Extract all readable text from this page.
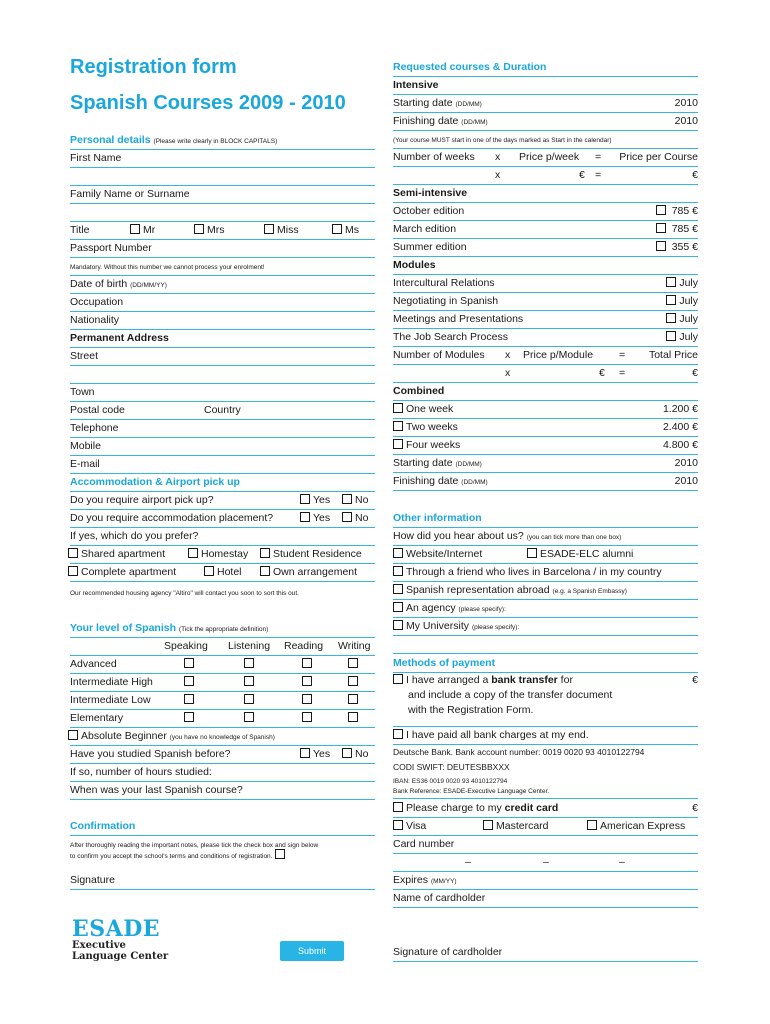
Registration form
Spanish Courses 2009 - 2010
Personal details (Please write clearly in BLOCK CAPITALS)
First Name
Family Name or Surname
Title	Mr	Mrs	Miss	Ms
Passport Number
Mandatory. Without this number we cannot process your enrolment!
Date of birth (DD/MM/YY)
Occupation
Nationality
Permanent Address
Street
Town
Postal code	Country
Telephone
Mobile
E-mail
Accommodation & Airport pick up
Do you require airport pick up?	Yes	No
Do you require accommodation placement?	Yes	No
If yes, which do you prefer?
Shared apartment	Homestay	Student Residence
Complete apartment	Hotel	Own arrangement
Our recommended housing agency "Altiro" will contact you soon to sort this out.
Your level of Spanish (Tick the appropriate definition)
Speaking Listening Reading Writing
Advanced
Intermediate High
Intermediate Low
Elementary
Absolute Beginner (you have no knowledge of Spanish)
Have you studied Spanish before?	Yes	No
If so, number of hours studied:
When was your last Spanish course?
Confirmation
After thoroughly reading the important notes, please tick the check box and sign below
to confirm you accept the school's terms and conditions of registration.
Signature
Requested courses & Duration
Intensive
Starting date (DD/MM)	2010
Finishing date (DD/MM)	2010
(Your course MUST start in one of the days marked as Start in the calendar)
Number of weeks x Price p/week = Price per Course
x	€ =	€
Semi-intensive
October edition	785 €
March edition	785 €
Summer edition	355 €
Modules
Intercultural Relations	July
Negotiating in Spanish	July
Meetings and Presentations	July
The Job Search Process	July
Number of Modules x Price p/Module = Total Price
x	€ =	€
Combined
One week	1.200 €
Two weeks	2.400 €
Four weeks	4.800 €
Starting date (DD/MM)	2010
Finishing date (DD/MM)	2010
Other information
How did you hear about us? (you can tick more than one box)
Website/Internet	ESADE-ELC alumni
Through a friend who lives in Barcelona / in my country
Spanish representation abroad (e.g. a Spanish Embassy)
An agency (please specify):
My University (please specify):
Methods of payment
I have arranged a bank transfer for	€
and include a copy of the transfer document
with the Registration Form.
I have paid all bank charges at my end.
Deutsche Bank. Bank account number: 0019 0020 93 4010122794
CODI SWIFT: DEUTESBBXXX
IBAN: ES36 0019 0020 93 4010122794
Bank Reference: ESADE-Executive Language Center.
Please charge to my credit card	€
Visa	Mastercard	American Express
Card number
–	–	–
Expires (MM/YY)
Name of cardholder
Signature of cardholder
ESADE
Executive
Language Center	Submit
